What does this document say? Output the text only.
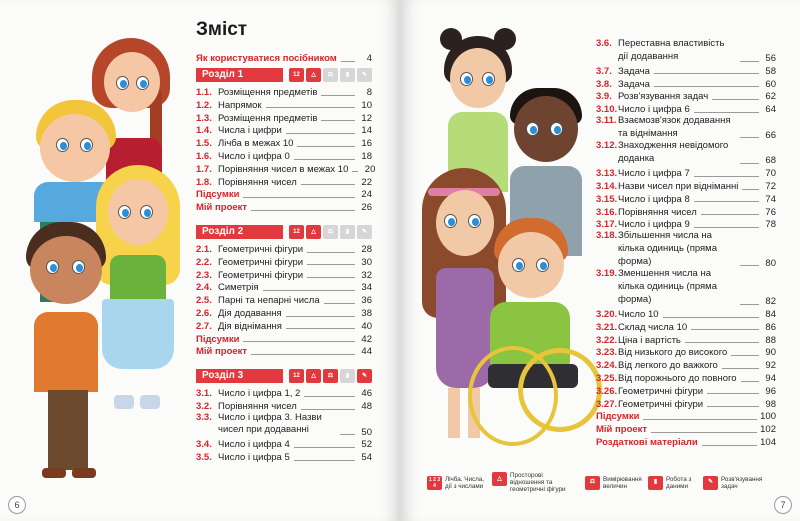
Зміст
Як користуватися посібником	4
Розділ 1	12	△	⚖	▮	✎
1.1. Розміщення предметів	8
1.2. Напрямок	10
1.3. Розміщення предметів	12
1.4. Числа і цифри	14
1.5. Лічба в межах 10	16
1.6. Число і цифра 0	18
1.7. Порівняння чисел в межах 10	20
1.8. Порівняння чисел	22
Підсумки	24
Мій проект	26
Розділ 2	12	△	⚖	▮	✎
2.1. Геометричні фігури	28
2.2. Геометричні фігури	30
2.3. Геометричні фігури	32
2.4. Симетрія	34
2.5. Парні та непарні числа	36
2.6. Дія додавання	38
2.7. Дія віднімання	40
Підсумки	42
Мій проект	44
Розділ 3	12	△	⚖	▮	✎
3.1. Число і цифра 1, 2	46
3.2. Порівняння чисел	48
3.3. Число і цифра 3. Назви чисел при додаванні	50
3.4. Число і цифра 4	52
3.5. Число і цифра 5	54
6
3.6. Переставна властивість дії додавання	56
3.7. Задача	58
3.8. Задача	60
3.9. Розв'язування задач	62
3.10. Число і цифра 6	64
3.11. Взаємозв'язок додавання та віднімання	66
3.12. Знаходження невідомого доданка	68
3.13. Число і цифра 7	70
3.14. Назви чисел при відніманні	72
3.15. Число і цифра 8	74
3.16. Порівняння чисел	76
3.17. Число і цифра 9	78
3.18. Збільшення числа на кілька одиниць (пряма форма)	80
3.19. Зменшення числа на кілька одиниць (пряма форма)	82
3.20. Число 10	84
3.21. Склад числа 10	86
3.22. Ціна і вартість	88
3.23. Від низького до високого	90
3.24. Від легкого до важкого	92
3.25. Від порожнього до повного	94
3.26. Геометричні фігури	96
3.27. Геометричні фігури	98
Підсумки	100
Мій проект	102
Роздаткові матеріали	104
7
1 2 3 4
Лічба. Числа, дії з числами
△	Просторові відношення та геометричні фігури
⚖	Вимірювання величин
▮	Робота з даними
✎	Розв'язування задач
